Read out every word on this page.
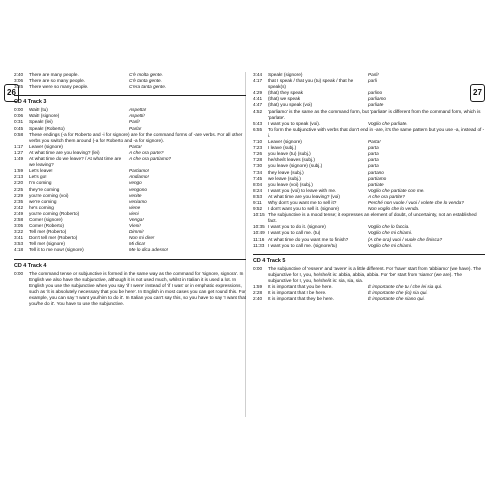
26	27
2:40	There are many people.	C'è molta gente.
3:06	There are so many people.	C'è tanta gente.
3:25	There were so many people.	C'era tanta gente.
CD 4 Track 3
0:00	Wait! (tu)	Aspetta!
0:06	Wait! (signore)	Aspetti!
0:31	Speak! (lei)	Parli!
0:45	Speak! (Roberto)	Parla!
0:58	These endings (-a for Roberto and -i for signore) are for the command forms of -are verbs. For all other verbs you switch them around (-a for Roberto and -a for signore).
1:17	Leave! (signore)	Parta!
1:27	At what time are you leaving? (lei)	A che ora parte?
1:49	At what time do we leave? / At what time are we leaving?
A che ora partiamo?
1:59	Let's leave!	Partiamo!
2:13	Let's go!	Andiamo!
2:20	I'm coming	vengo
2:25	they're coming	vengono
2:29	you're coming (voi)	venite
2:35	we're coming	veniamo
2:42	he's coming	viene
2:49	you're coming (Roberto)	vieni
2:58	Come! (signore)	Venga!
3:05	Come! (Roberto)	Vieni!
3:22	Tell me! (Roberto)	Dimmi!
3:41	Don't tell me! (Roberto)	Non mi dire!
3:53	Tell me! (signore)	Mi dica!
4:18	Tell it to me now! (signore)	Me lo dica adesso!
CD 4 Track 4
0:00	The command tense or subjunctive is formed in the same way as the command for 'signore, signora'. In English we also have the subjunctive, although it is not used much, whilst in Italian it is used a lot. In English you use the subjunctive when you say 'if I were' instead of 'if I was' or in emphatic expressions, such as 'it is absolutely necessary that you be here'. In English in most cases you can get round this. For example, you can say 'I want you/him to do it'. In Italian you can't say this, so you have to say 'I want that you/he do it'. You have to use the subjunctive.
3:44	Speak! (signore)	Parli!
4:17	that I speak / that you (tu) speak / that he speak(s)
parli
4:29	(that) they speak	parlino
4:41	(that) we speak	parliamo
4:47	(that) you speak (voi)	parliate
4:52	'parliamo' is the same as the command form, but 'parliate' is different from the command form, which is 'parlate'.
5:43	I want you to speak (voi).	Voglio che parliate.
6:55	To form the subjunctive with verbs that don't end in -are, it's the same pattern but you use -a, instead of -i.
7:10	Leave! (signore)	Parta!
7:23	I leave (subj.)	parta
7:26	you leave (tu) (subj.)	parta
7:28	he/she/it leaves (subj.)	parta
7:30	you leave (signore) (subj.)	parta
7:34	they leave (subj.)	partano
7:45	we leave (subj.)	partiamo
8:04	you leave (voi) (subj.)	partiate
8:24	I want you (voi) to leave with me.	Voglio che partiate con me.
8:53	At what time are you leaving? (voi)	A che ora partite?
9:11	Why don't you want me to sell it?	Perché non vuole / vuoi / volete che lo venda?
9:52	I don't want you to sell it. (signore)	Non voglio che lo venda.
10:15 The subjunctive is a mood tense; it expresses an element of doubt, of uncertainty, not an established fact.
10:35 I want you to do it. (signore)	Voglio che lo faccia.
10:49 I want you to call me. (tu)	Voglio che mi chiami.
11:16 At what time do you want me to finish?	(A che ora) vuoi / vuole che finisca?
11:33 I want you to call me. (signore/tu)	Voglio che mi chiami.
CD 4 Track 5
0:00	The subjunctive of 'essere' and 'avere' is a little different. For 'have' start from 'abbiamo' (we have). The subjunctive for I, you, he/she/it is: abbia, abbia, abbia. For 'be' start from 'siamo' (we are). The subjunctive for I, you, he/she/it is: sia, sia, sia.
1:59	It is important that you be here.	È importante che tu / che lei sia qui.
2:28	It is important that I be here.	È importante che (io) sia qui.
2:40	It is important that they be here.	È importante che siano qui.
